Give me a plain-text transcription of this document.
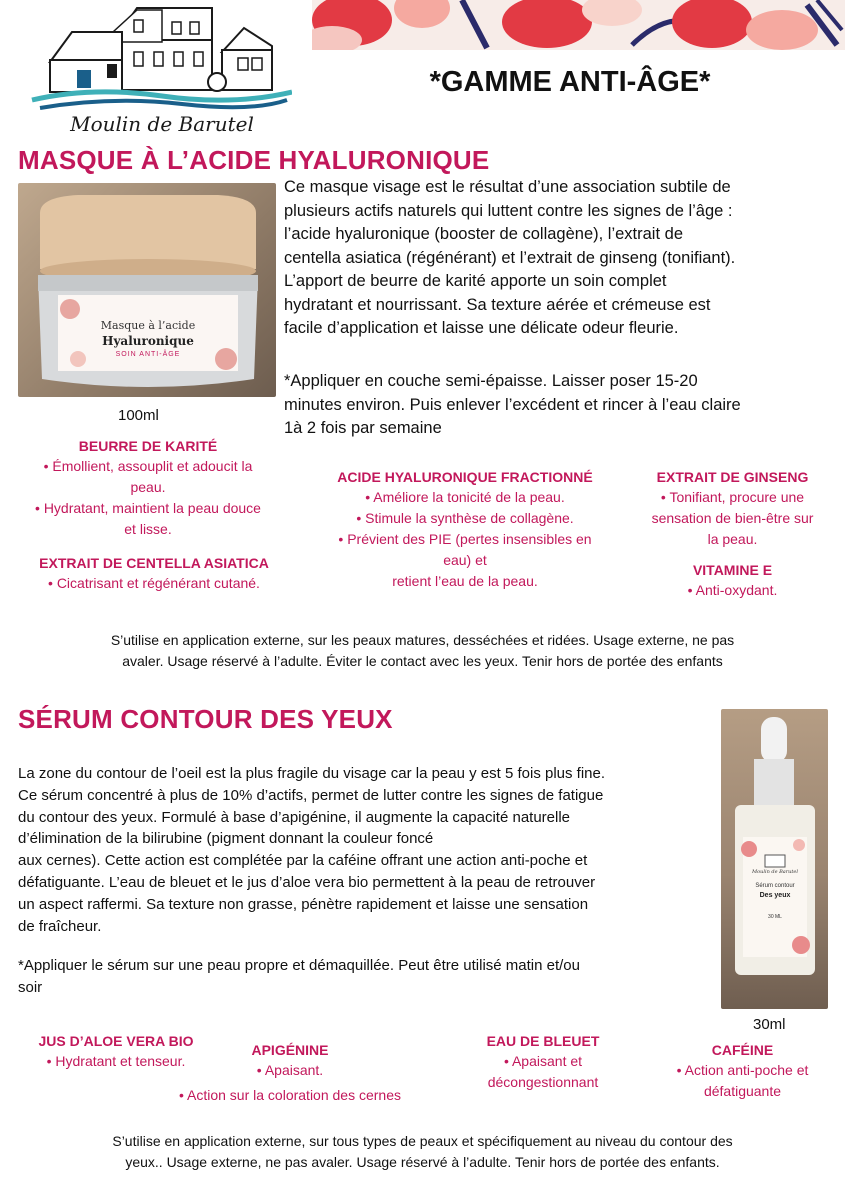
Moulin de Barutel
*GAMME ANTI-ÂGE*
MASQUE À L’ACIDE HYALURONIQUE
Masque à l’acide
Hyaluronique
SOIN ANTI-ÂGE
100ml
Ce masque visage est le résultat d’une association subtile de
plusieurs actifs naturels qui luttent contre les signes de l’âge :
l’acide hyaluronique (booster de collagène), l’extrait de
centella asiatica (régénérant) et l’extrait de ginseng (tonifiant).
L’apport de beurre de karité apporte un soin complet
hydratant et nourrissant. Sa texture aérée et crémeuse est
facile d’application et laisse une délicate odeur fleurie.
*Appliquer en couche semi-épaisse. Laisser poser 15-20
minutes environ. Puis enlever l’excédent et rincer à l’eau claire
1à 2 fois par semaine
BEURRE DE KARITÉ
• Émollient, assouplit et adoucit la
peau.
• Hydratant, maintient la peau douce
et lisse.
EXTRAIT DE CENTELLA ASIATICA
• Cicatrisant et régénérant cutané.
ACIDE HYALURONIQUE FRACTIONNÉ
• Améliore la tonicité de la peau.
• Stimule la synthèse de collagène.
• Prévient des PIE (pertes insensibles en
eau) et
retient l’eau de la peau.
EXTRAIT DE GINSENG
• Tonifiant, procure une
sensation de bien-être sur
la peau.
VITAMINE E
• Anti-oxydant.
S’utilise en application externe, sur les peaux matures, desséchées et ridées. Usage externe, ne pas
avaler. Usage réservé à l’adulte. Éviter le contact avec les yeux. Tenir hors de portée des enfants
SÉRUM CONTOUR DES YEUX
La zone du contour de l’oeil est la plus fragile du visage car la peau y est 5 fois plus fine.
Ce sérum concentré à plus de 10% d’actifs, permet de lutter contre les signes de fatigue
du contour des yeux. Formulé à base d’apigénine, il augmente la capacité naturelle
d’élimination de la bilirubine (pigment donnant la couleur foncé
aux cernes). Cette action est complétée par la caféine offrant une action anti-poche et
défatiguante. L’eau de bleuet et le jus d’aloe vera bio permettent à la peau de retrouver
un aspect raffermi. Sa texture non grasse, pénètre rapidement et laisse une sensation
de fraîcheur.
*Appliquer le sérum sur une peau propre et démaquillée. Peut être utilisé matin et/ou
soir
Moulin de Barutel
Sérum contour
Des yeux
30 ML
30ml
JUS D’ALOE VERA BIO
• Hydratant et tenseur.
APIGÉNINE
• Apaisant.
• Action sur la coloration des cernes
EAU DE BLEUET
• Apaisant et
décongestionnant
CAFÉINE
• Action anti-poche et
défatiguante
S’utilise en application externe, sur tous types de peaux et spécifiquement au niveau du contour des
yeux.. Usage externe, ne pas avaler. Usage réservé à l’adulte. Tenir hors de portée des enfants.
